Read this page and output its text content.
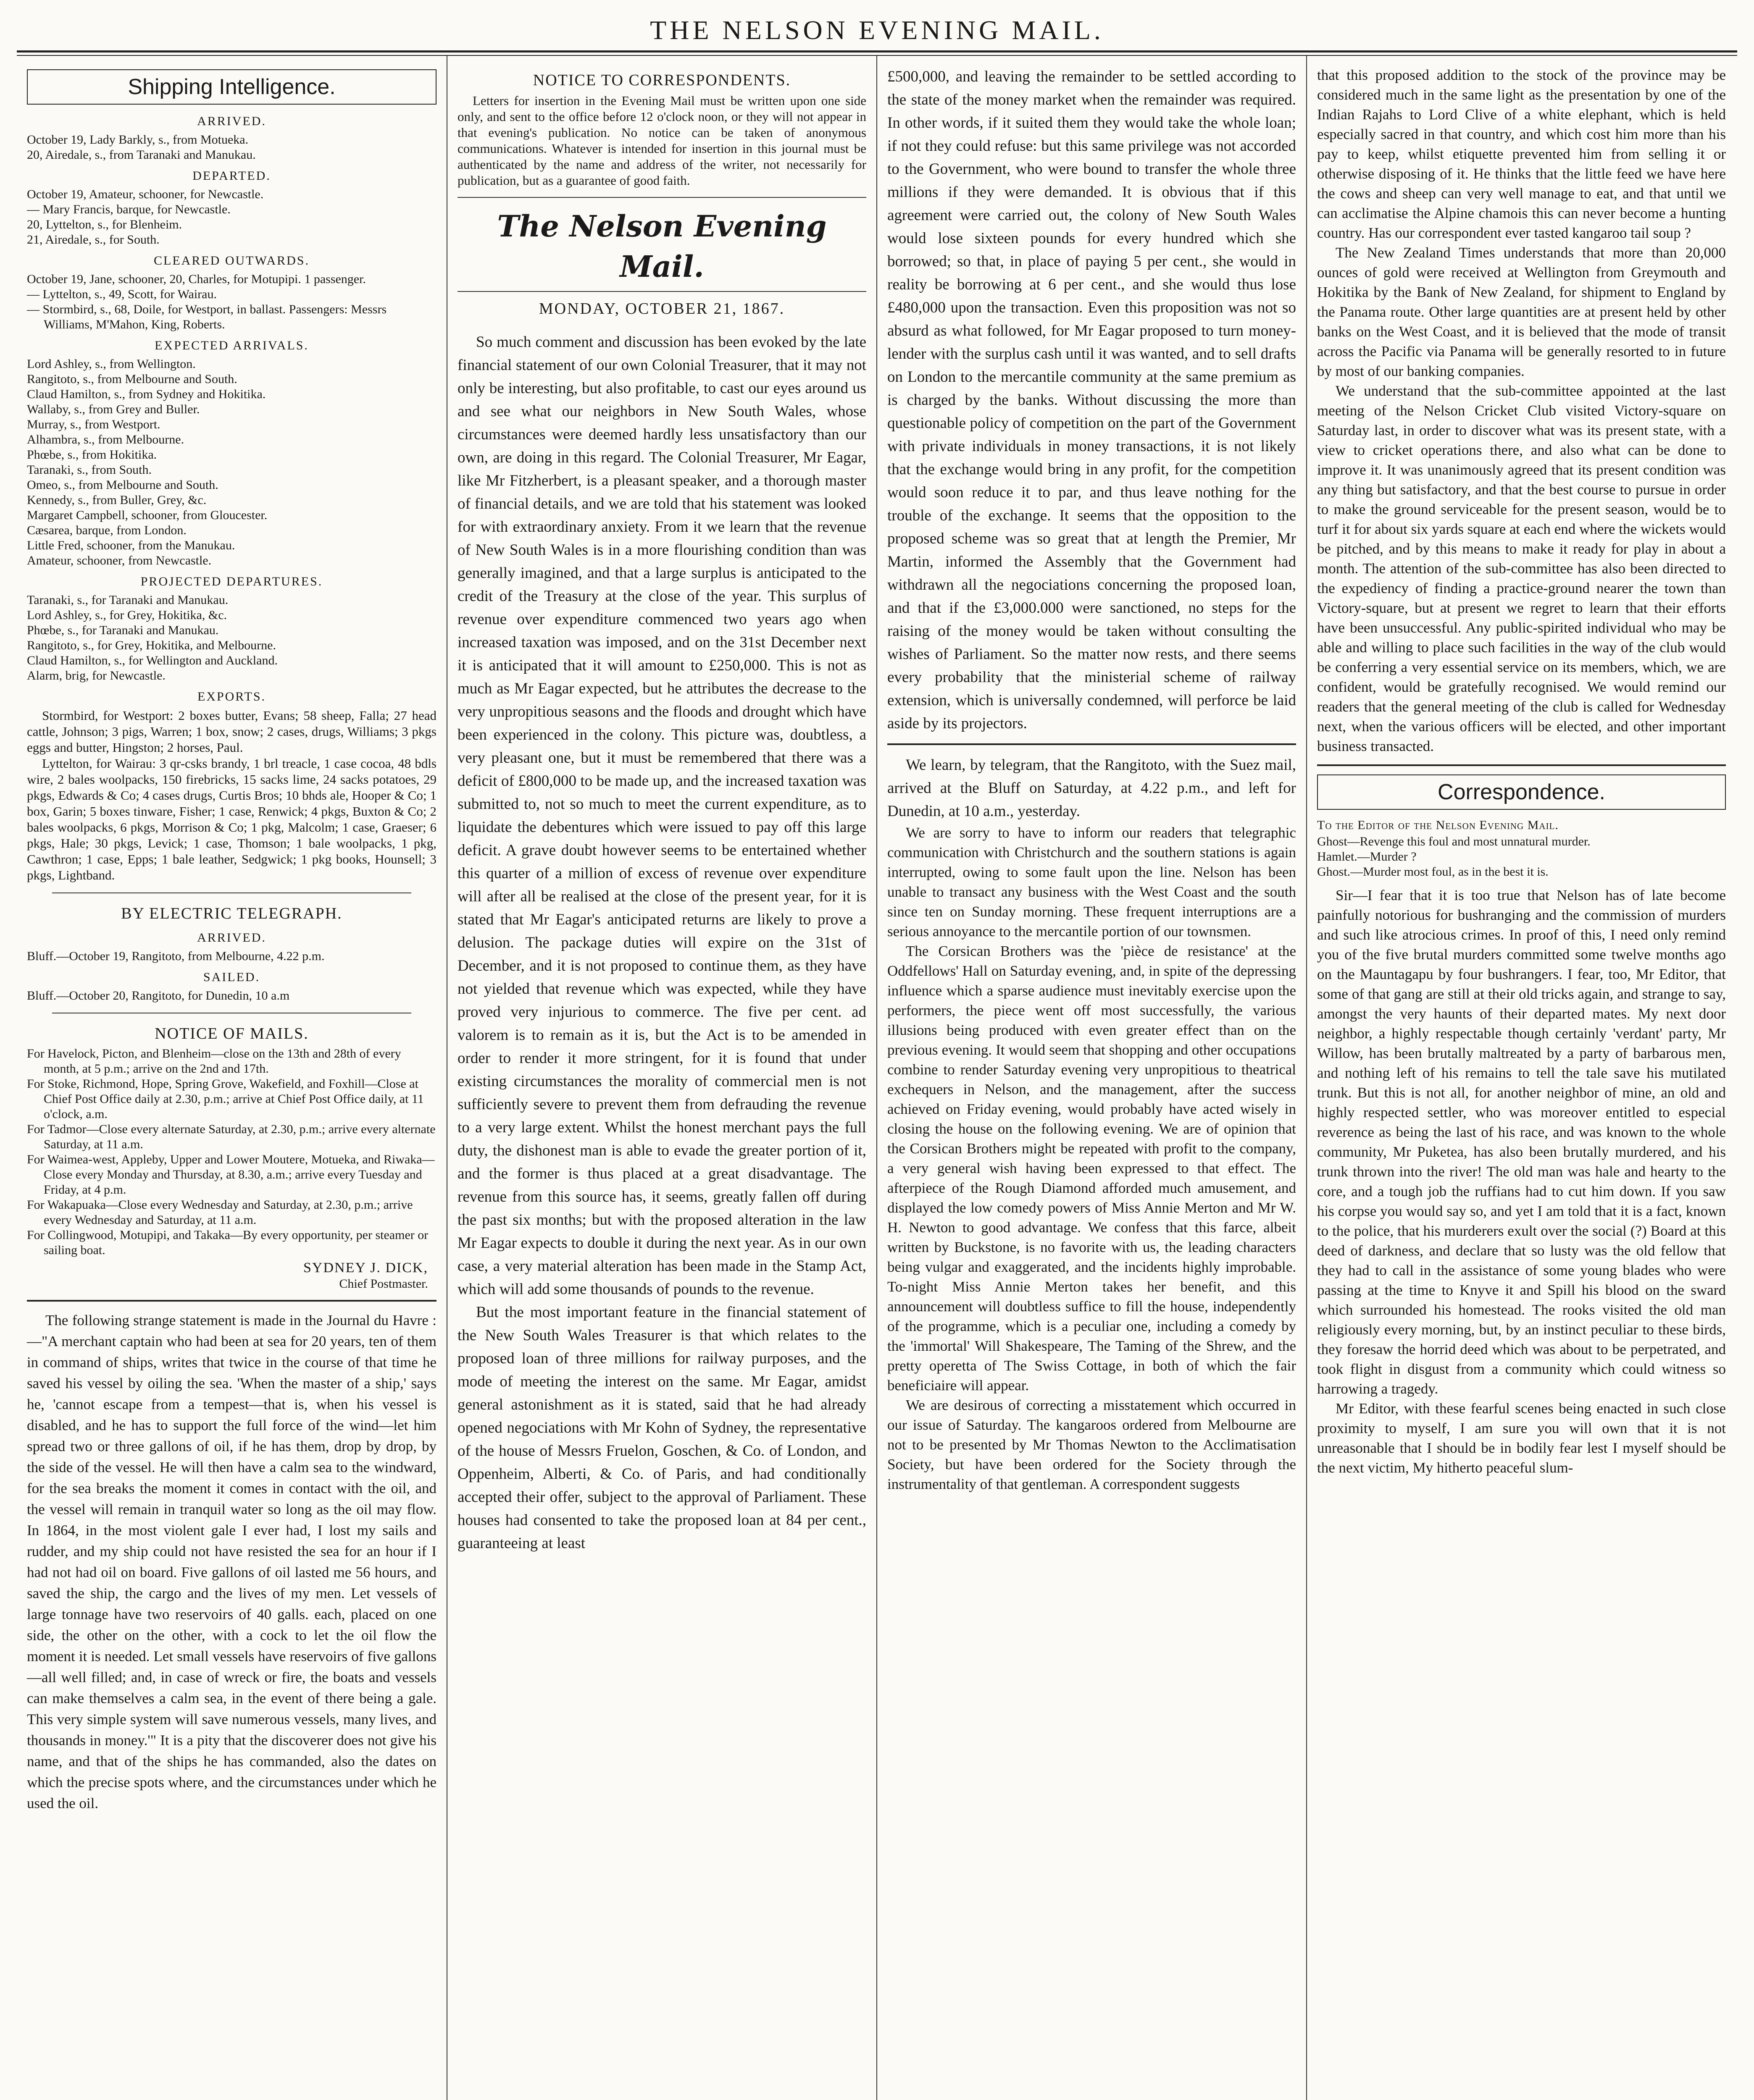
THE NELSON EVENING MAIL.
Shipping Intelligence.
ARRIVED.

October 19, Lady Barkly, s., from Motueka.

20, Airedale, s., from Taranaki and Manukau.

DEPARTED.

October 19, Amateur, schooner, for Newcastle.

— Mary Francis, barque, for Newcastle.

20, Lyttelton, s., for Blenheim.

21, Airedale, s., for South.

CLEARED OUTWARDS.

October 19, Jane, schooner, 20, Charles, for Motupipi. 1 passenger.

— Lyttelton, s., 49, Scott, for Wairau.

— Stormbird, s., 68, Doile, for Westport, in ballast. Passengers: Messrs Williams, M'Mahon, King, Roberts.

EXPECTED ARRIVALS.

Lord Ashley, s., from Wellington.

Rangitoto, s., from Melbourne and South.

Claud Hamilton, s., from Sydney and Hokitika.

Wallaby, s., from Grey and Buller.

Murray, s., from Westport.

Alhambra, s., from Melbourne.

Phœbe, s., from Hokitika.

Taranaki, s., from South.

Omeo, s., from Melbourne and South.

Kennedy, s., from Buller, Grey, &c.

Margaret Campbell, schooner, from Gloucester.

Cæsarea, barque, from London.

Little Fred, schooner, from the Manukau.

Amateur, schooner, from Newcastle.

PROJECTED DEPARTURES.

Taranaki, s., for Taranaki and Manukau.

Lord Ashley, s., for Grey, Hokitika, &c.

Phœbe, s., for Taranaki and Manukau.

Rangitoto, s., for Grey, Hokitika, and Melbourne.

Claud Hamilton, s., for Wellington and Auckland.

Alarm, brig, for Newcastle.

EXPORTS.

Stormbird, for Westport: 2 boxes butter, Evans; 58 sheep, Falla; 27 head cattle, Johnson; 3 pigs, Warren; 1 box, snow; 2 cases, drugs, Williams; 3 pkgs eggs and butter, Hingston; 2 horses, Paul.

Lyttelton, for Wairau: 3 qr-csks brandy, 1 brl treacle, 1 case cocoa, 48 bdls wire, 2 bales woolpacks, 150 firebricks, 15 sacks lime, 24 sacks potatoes, 29 pkgs, Edwards & Co; 4 cases drugs, Curtis Bros; 10 bhds ale, Hooper & Co; 1 box, Garin; 5 boxes tinware, Fisher; 1 case, Renwick; 4 pkgs, Buxton & Co; 2 bales woolpacks, 6 pkgs, Morrison & Co; 1 pkg, Malcolm; 1 case, Graeser; 6 pkgs, Hale; 30 pkgs, Levick; 1 case, Thomson; 1 bale woolpacks, 1 pkg, Cawthron; 1 case, Epps; 1 bale leather, Sedgwick; 1 pkg books, Hounsell; 3 pkgs, Lightband.

BY ELECTRIC TELEGRAPH.
ARRIVED.

Bluff.—October 19, Rangitoto, from Melbourne, 4.22 p.m.

SAILED.

Bluff.—October 20, Rangitoto, for Dunedin, 10 a.m

NOTICE OF MAILS.

For Havelock, Picton, and Blenheim—close on the 13th and 28th of every month, at 5 p.m.; arrive on the 2nd and 17th.

For Stoke, Richmond, Hope, Spring Grove, Wakefield, and Foxhill—Close at Chief Post Office daily at 2.30, p.m.; arrive at Chief Post Office daily, at 11 o'clock, a.m.

For Tadmor—Close every alternate Saturday, at 2.30, p.m.; arrive every alternate Saturday, at 11 a.m.

For Waimea-west, Appleby, Upper and Lower Moutere, Motueka, and Riwaka—Close every Monday and Thursday, at 8.30, a.m.; arrive every Tuesday and Friday, at 4 p.m.

For Wakapuaka—Close every Wednesday and Saturday, at 2.30, p.m.; arrive every Wednesday and Saturday, at 11 a.m.

For Collingwood, Motupipi, and Takaka—By every opportunity, per steamer or sailing boat.

SYDNEY J. DICK,
Chief Postmaster.

The following strange statement is made in the Journal du Havre :—"A merchant captain who had been at sea for 20 years, ten of them in command of ships, writes that twice in the course of that time he saved his vessel by oiling the sea. 'When the master of a ship,' says he, 'cannot escape from a tempest—that is, when his vessel is disabled, and he has to support the full force of the wind—let him spread two or three gallons of oil, if he has them, drop by drop, by the side of the vessel. He will then have a calm sea to the windward, for the sea breaks the moment it comes in contact with the oil, and the vessel will remain in tranquil water so long as the oil may flow. In 1864, in the most violent gale I ever had, I lost my sails and rudder, and my ship could not have resisted the sea for an hour if I had not had oil on board. Five gallons of oil lasted me 56 hours, and saved the ship, the cargo and the lives of my men. Let vessels of large tonnage have two reservoirs of 40 galls. each, placed on one side, the other on the other, with a cock to let the oil flow the moment it is needed. Let small vessels have reservoirs of five gallons —all well filled; and, in case of wreck or fire, the boats and vessels can make themselves a calm sea, in the event of there being a gale. This very simple system will save numerous vessels, many lives, and thousands in money.'" It is a pity that the discoverer does not give his name, and that of the ships he has commanded, also the dates on which the precise spots where, and the circumstances under which he used the oil.

NOTICE TO CORRESPONDENTS.

Letters for insertion in the Evening Mail must be written upon one side only, and sent to the office before 12 o'clock noon, or they will not appear in that evening's publication. No notice can be taken of anonymous communications. Whatever is intended for insertion in this journal must be authenticated by the name and address of the writer, not necessarily for publication, but as a guarantee of good faith.

The Nelson Evening Mail.
MONDAY, OCTOBER 21, 1867.

So much comment and discussion has been evoked by the late financial statement of our own Colonial Treasurer, that it may not only be interesting, but also profitable, to cast our eyes around us and see what our neighbors in New South Wales, whose circumstances were deemed hardly less unsatisfactory than our own, are doing in this regard. The Colonial Treasurer, Mr Eagar, like Mr Fitzherbert, is a pleasant speaker, and a thorough master of financial details, and we are told that his statement was looked for with extraordinary anxiety. From it we learn that the revenue of New South Wales is in a more flourishing condition than was generally imagined, and that a large surplus is anticipated to the credit of the Treasury at the close of the year. This surplus of revenue over expenditure commenced two years ago when increased taxation was imposed, and on the 31st December next it is anticipated that it will amount to £250,000. This is not as much as Mr Eagar expected, but he attributes the decrease to the very unpropitious seasons and the floods and drought which have been experienced in the colony. This picture was, doubtless, a very pleasant one, but it must be remembered that there was a deficit of £800,000 to be made up, and the increased taxation was submitted to, not so much to meet the current expenditure, as to liquidate the debentures which were issued to pay off this large deficit. A grave doubt however seems to be entertained whether this quarter of a million of excess of revenue over expenditure will after all be realised at the close of the present year, for it is stated that Mr Eagar's anticipated returns are likely to prove a delusion. The package duties will expire on the 31st of December, and it is not proposed to continue them, as they have not yielded that revenue which was expected, while they have proved very injurious to commerce. The five per cent. ad valorem is to remain as it is, but the Act is to be amended in order to render it more stringent, for it is found that under existing circumstances the morality of commercial men is not sufficiently severe to prevent them from defrauding the revenue to a very large extent. Whilst the honest merchant pays the full duty, the dishonest man is able to evade the greater portion of it, and the former is thus placed at a great disadvantage. The revenue from this source has, it seems, greatly fallen off during the past six months; but with the proposed alteration in the law Mr Eagar expects to double it during the next year. As in our own case, a very material alteration has been made in the Stamp Act, which will add some thousands of pounds to the revenue.

But the most important feature in the financial statement of the New South Wales Treasurer is that which relates to the proposed loan of three millions for railway purposes, and the mode of meeting the interest on the same. Mr Eagar, amidst general astonishment as it is stated, said that he had already opened negociations with Mr Kohn of Sydney, the representative of the house of Messrs Fruelon, Goschen, & Co. of London, and Oppenheim, Alberti, & Co. of Paris, and had conditionally accepted their offer, subject to the approval of Parliament. These houses had consented to take the proposed loan at 84 per cent., guaranteeing at least

£500,000, and leaving the remainder to be settled according to the state of the money market when the remainder was required. In other words, if it suited them they would take the whole loan; if not they could refuse: but this same privilege was not accorded to the Government, who were bound to transfer the whole three millions if they were demanded. It is obvious that if this agreement were carried out, the colony of New South Wales would lose sixteen pounds for every hundred which she borrowed; so that, in place of paying 5 per cent., she would in reality be borrowing at 6 per cent., and she would thus lose £480,000 upon the transaction. Even this proposition was not so absurd as what followed, for Mr Eagar proposed to turn money-lender with the surplus cash until it was wanted, and to sell drafts on London to the mercantile community at the same premium as is charged by the banks. Without discussing the more than questionable policy of competition on the part of the Government with private individuals in money transactions, it is not likely that the exchange would bring in any profit, for the competition would soon reduce it to par, and thus leave nothing for the trouble of the exchange. It seems that the opposition to the proposed scheme was so great that at length the Premier, Mr Martin, informed the Assembly that the Government had withdrawn all the negociations concerning the proposed loan, and that if the £3,000.000 were sanctioned, no steps for the raising of the money would be taken without consulting the wishes of Parliament. So the matter now rests, and there seems every probability that the ministerial scheme of railway extension, which is universally condemned, will perforce be laid aside by its projectors.

We learn, by telegram, that the Rangitoto, with the Suez mail, arrived at the Bluff on Saturday, at 4.22 p.m., and left for Dunedin, at 10 a.m., yesterday.

We are sorry to have to inform our readers that telegraphic communication with Christchurch and the southern stations is again interrupted, owing to some fault upon the line. Nelson has been unable to transact any business with the West Coast and the south since ten on Sunday morning. These frequent interruptions are a serious annoyance to the mercantile portion of our townsmen.

The Corsican Brothers was the 'pièce de resistance' at the Oddfellows' Hall on Saturday evening, and, in spite of the depressing influence which a sparse audience must inevitably exercise upon the performers, the piece went off most successfully, the various illusions being produced with even greater effect than on the previous evening. It would seem that shopping and other occupations combine to render Saturday evening very unpropitious to theatrical exchequers in Nelson, and the management, after the success achieved on Friday evening, would probably have acted wisely in closing the house on the following evening. We are of opinion that the Corsican Brothers might be repeated with profit to the company, a very general wish having been expressed to that effect. The afterpiece of the Rough Diamond afforded much amusement, and displayed the low comedy powers of Miss Annie Merton and Mr W. H. Newton to good advantage. We confess that this farce, albeit written by Buckstone, is no favorite with us, the leading characters being vulgar and exaggerated, and the incidents highly improbable. To-night Miss Annie Merton takes her benefit, and this announcement will doubtless suffice to fill the house, independently of the programme, which is a peculiar one, including a comedy by the 'immortal' Will Shakespeare, The Taming of the Shrew, and the pretty operetta of The Swiss Cottage, in both of which the fair beneficiaire will appear.

We are desirous of correcting a misstatement which occurred in our issue of Saturday. The kangaroos ordered from Melbourne are not to be presented by Mr Thomas Newton to the Acclimatisation Society, but have been ordered for the Society through the instrumentality of that gentleman. A correspondent suggests

that this proposed addition to the stock of the province may be considered much in the same light as the presentation by one of the Indian Rajahs to Lord Clive of a white elephant, which is held especially sacred in that country, and which cost him more than his pay to keep, whilst etiquette prevented him from selling it or otherwise disposing of it. He thinks that the little feed we have here the cows and sheep can very well manage to eat, and that until we can acclimatise the Alpine chamois this can never become a hunting country. Has our correspondent ever tasted kangaroo tail soup ?

The New Zealand Times understands that more than 20,000 ounces of gold were received at Wellington from Greymouth and Hokitika by the Bank of New Zealand, for shipment to England by the Panama route. Other large quantities are at present held by other banks on the West Coast, and it is believed that the mode of transit across the Pacific via Panama will be generally resorted to in future by most of our banking companies.

We understand that the sub-committee appointed at the last meeting of the Nelson Cricket Club visited Victory-square on Saturday last, in order to discover what was its present state, with a view to cricket operations there, and also what can be done to improve it. It was unanimously agreed that its present condition was any thing but satisfactory, and that the best course to pursue in order to make the ground serviceable for the present season, would be to turf it for about six yards square at each end where the wickets would be pitched, and by this means to make it ready for play in about a month. The attention of the sub-committee has also been directed to the expediency of finding a practice-ground nearer the town than Victory-square, but at present we regret to learn that their efforts have been unsuccessful. Any public-spirited individual who may be able and willing to place such facilities in the way of the club would be conferring a very essential service on its members, which, we are confident, would be gratefully recognised. We would remind our readers that the general meeting of the club is called for Wednesday next, when the various officers will be elected, and other important business transacted.

Correspondence.
To the Editor of the Nelson Evening Mail.

Ghost—Revenge this foul and most unnatural murder.

Hamlet.—Murder ?

Ghost.—Murder most foul, as in the best it is.

Sir—I fear that it is too true that Nelson has of late become painfully notorious for bushranging and the commission of murders and such like atrocious crimes. In proof of this, I need only remind you of the five brutal murders committed some twelve months ago on the Mauntagapu by four bushrangers. I fear, too, Mr Editor, that some of that gang are still at their old tricks again, and strange to say, amongst the very haunts of their departed mates. My next door neighbor, a highly respectable though certainly 'verdant' party, Mr Willow, has been brutally maltreated by a party of barbarous men, and nothing left of his remains to tell the tale save his mutilated trunk. But this is not all, for another neighbor of mine, an old and highly respected settler, who was moreover entitled to especial reverence as being the last of his race, and was known to the whole community, Mr Puketea, has also been brutally murdered, and his trunk thrown into the river! The old man was hale and hearty to the core, and a tough job the ruffians had to cut him down. If you saw his corpse you would say so, and yet I am told that it is a fact, known to the police, that his murderers exult over the social (?) Board at this deed of darkness, and declare that so lusty was the old fellow that they had to call in the assistance of some young blades who were passing at the time to Knyve it and Spill his blood on the sward which surrounded his homestead. The rooks visited the old man religiously every morning, but, by an instinct peculiar to these birds, they foresaw the horrid deed which was about to be perpetrated, and took flight in disgust from a community which could witness so harrowing a tragedy.

Mr Editor, with these fearful scenes being enacted in such close proximity to myself, I am sure you will own that it is not unreasonable that I should be in bodily fear lest I myself should be the next victim, My hitherto peaceful slum-
